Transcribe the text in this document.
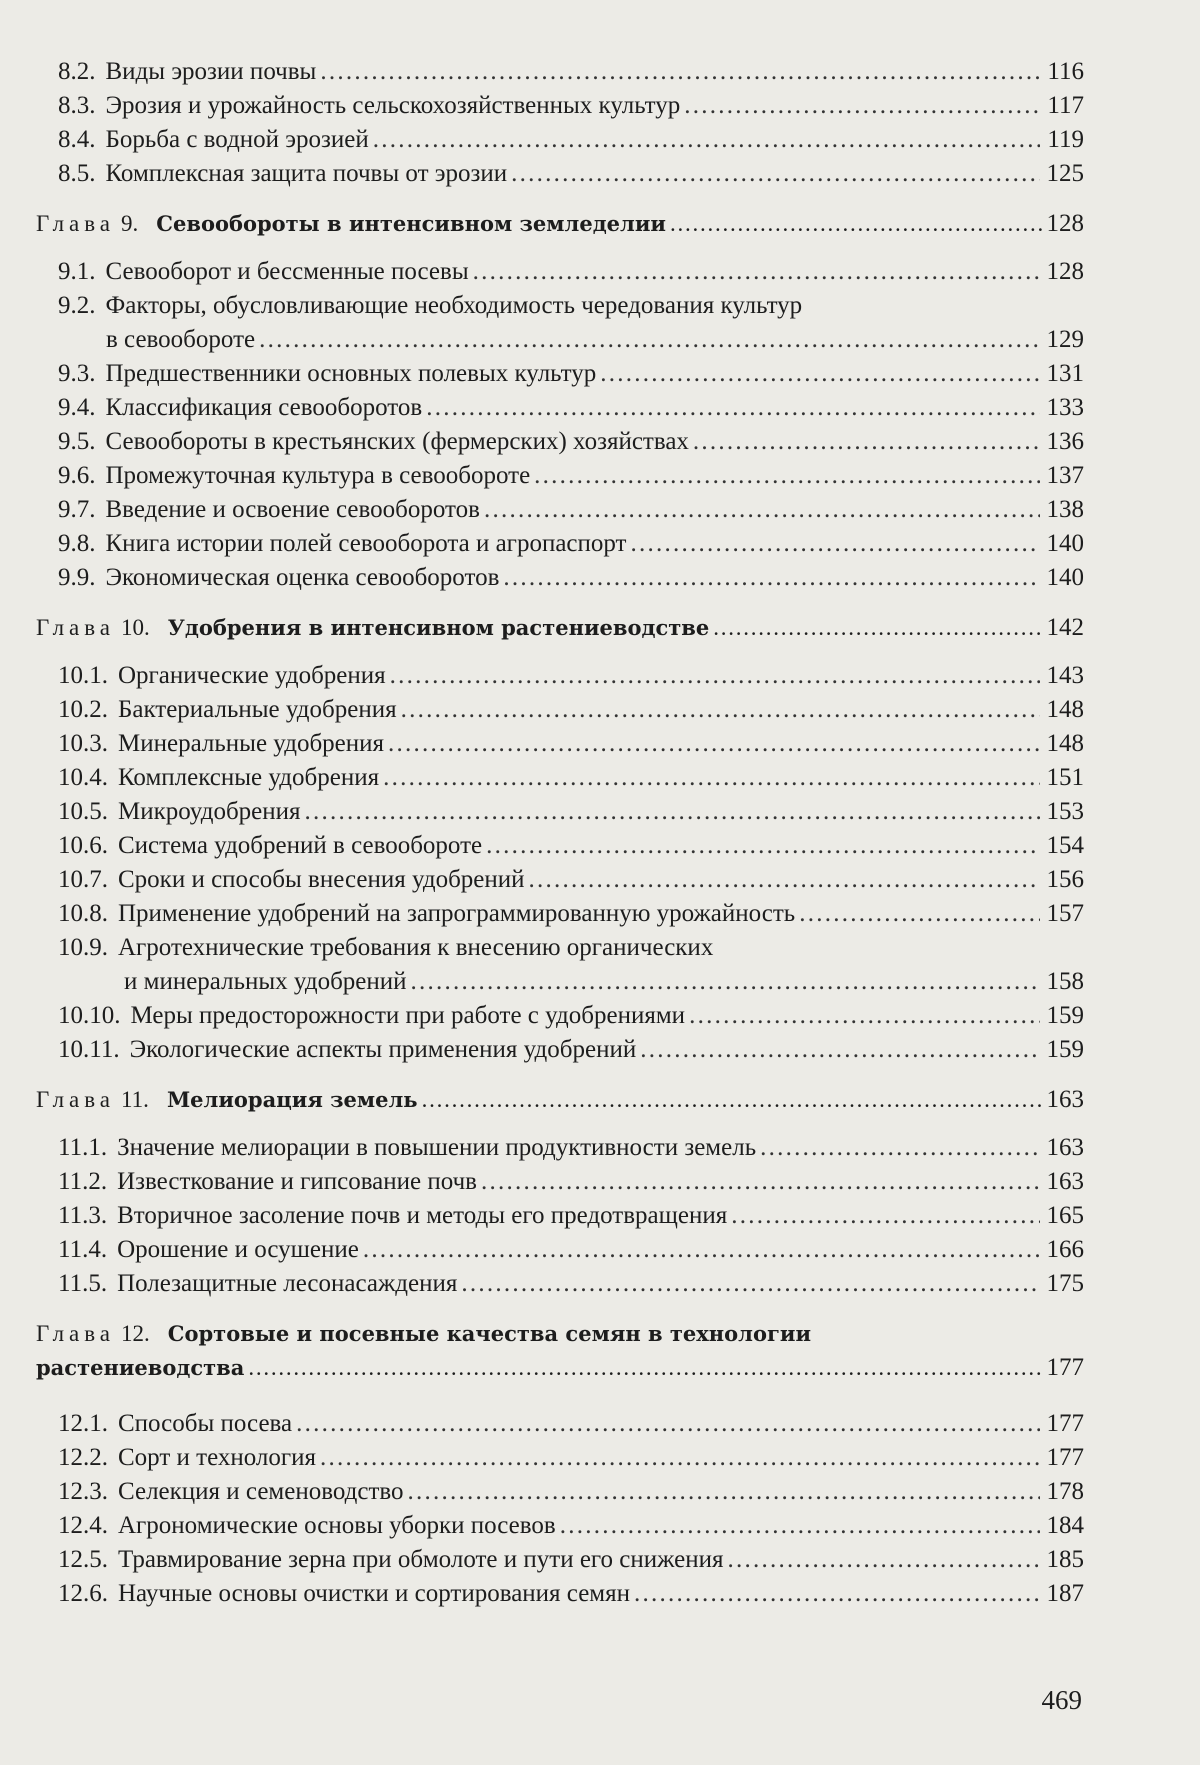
8.2. Виды эрозии почвы . . .	116
8.3. Эрозия и урожайность сельскохозяйственных культур . . .	117
8.4. Борьба с водной эрозией . . .	119
8.5. Комплексная защита почвы от эрозии . . .	125
Глава 9. Севообороты в интенсивном земледелии . . .	128
9.1. Севооборот и бессменные посевы . . .	128
9.2. Факторы, обусловливающие необходимость чередования культур
в севообороте . . .	129
9.3. Предшественники основных полевых культур . . .	131
9.4. Классификация севооборотов . . .	133
9.5. Севообороты в крестьянских (фермерских) хозяйствах . . .	136
9.6. Промежуточная культура в севообороте . . .	137
9.7. Введение и освоение севооборотов . . .	138
9.8. Книга истории полей севооборота и агропаспорт . . .	140
9.9. Экономическая оценка севооборотов . . .	140
Глава 10. Удобрения в интенсивном растениеводстве . . .	142
10.1. Органические удобрения . . .	143
10.2. Бактериальные удобрения . . .	148
10.3. Минеральные удобрения . . .	148
10.4. Комплексные удобрения . . .	151
10.5. Микроудобрения . . .	153
10.6. Система удобрений в севообороте . . .	154
10.7. Сроки и способы внесения удобрений . . .	156
10.8. Применение удобрений на запрограммированную урожайность . . .	157
10.9. Агротехнические требования к внесению органических
и минеральных удобрений . . .	158
10.10. Меры предосторожности при работе с удобрениями . . .	159
10.11. Экологические аспекты применения удобрений . . .	159
Глава 11. Мелиорация земель . . .	163
11.1. Значение мелиорации в повышении продуктивности земель . . .	163
11.2. Известкование и гипсование почв . . .	163
11.3. Вторичное засоление почв и методы его предотвращения . . .	165
11.4. Орошение и осушение . . .	166
11.5. Полезащитные лесонасаждения . . .	175
Глава 12. Сортовые и посевные качества семян в технологии
растениеводства . . .	177
12.1. Способы посева . . .	177
12.2. Сорт и технология . . .	177
12.3. Селекция и семеноводство . . .	178
12.4. Агрономические основы уборки посевов . . .	184
12.5. Травмирование зерна при обмолоте и пути его снижения . . .	185
12.6. Научные основы очистки и сортирования семян . . .	187
469
